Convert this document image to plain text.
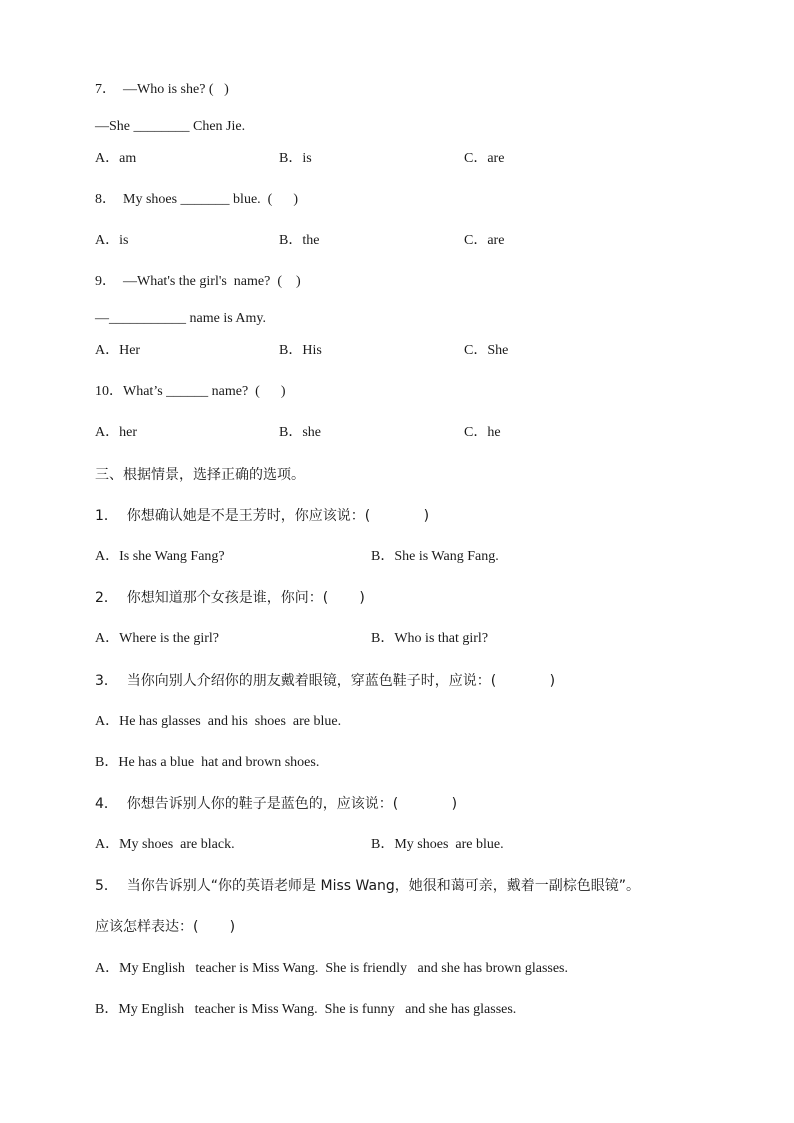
7．  —Who is she? (   )
—She ________ Chen Jie.
A．am	B．is	C．are
8．  My shoes _______ blue.  (      )
A．is	B．the	C．are
9．  —What's the girl's  name?  (    )
—___________ name is Amy.
A．Her	B．His	C．She
10．What’s ______ name?  (      )
A．her	B．she	C．he
三、根据情景，选择正确的选项。
1．  你想确认她是不是王芳时，你应该说：(            )
A．Is she Wang Fang?	B．She is Wang Fang.
2．  你想知道那个女孩是谁，你问：(       )
A．Where is the girl?	B．Who is that girl?
3．  当你向别人介绍你的朋友戴着眼镜，穿蓝色鞋子时，应说：(            )
A．He has glasses  and his  shoes  are blue.
B．He has a blue  hat and brown shoes.
4．  你想告诉别人你的鞋子是蓝色的，应该说：(            )
A．My shoes  are black.	B．My shoes  are blue.
5．  当你告诉别人“你的英语老师是 Miss Wang，她很和蔼可亲，戴着一副棕色眼镜”。
应该怎样表达：(       )
A．My English   teacher is Miss Wang.  She is friendly   and she has brown glasses.
B．My English   teacher is Miss Wang.  She is funny   and she has glasses.
